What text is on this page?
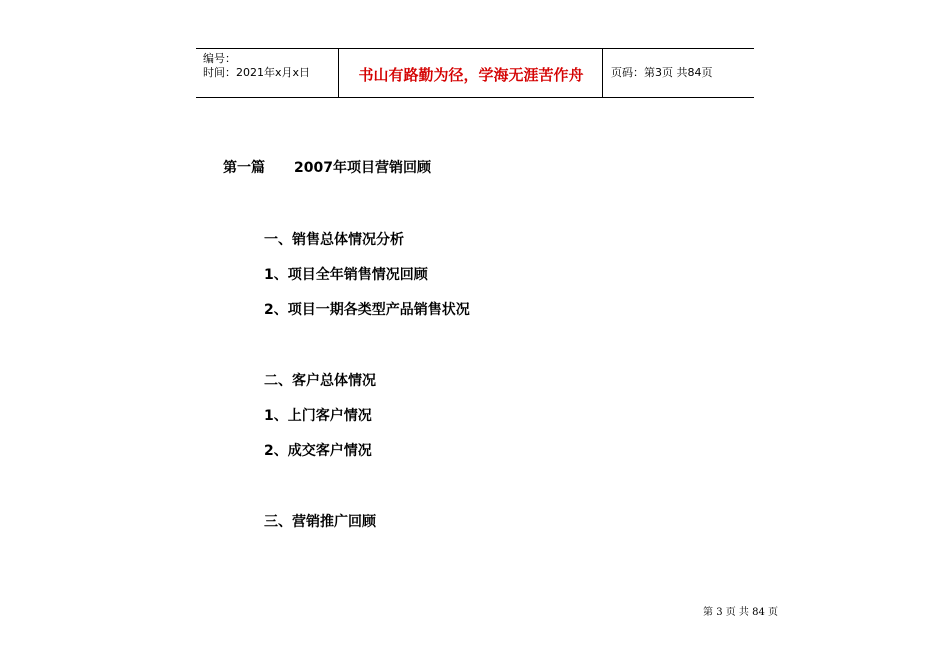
编号：
时间：2021年x月x日	书山有路勤为径，学海无涯苦作舟	页码：第3页 共84页
第一篇 2007年项目营销回顾
一、销售总体情况分析
1、项目全年销售情况回顾
2、项目一期各类型产品销售状况
二、客户总体情况
1、上门客户情况
2、成交客户情况
三、营销推广回顾
第 3 页 共 84 页
